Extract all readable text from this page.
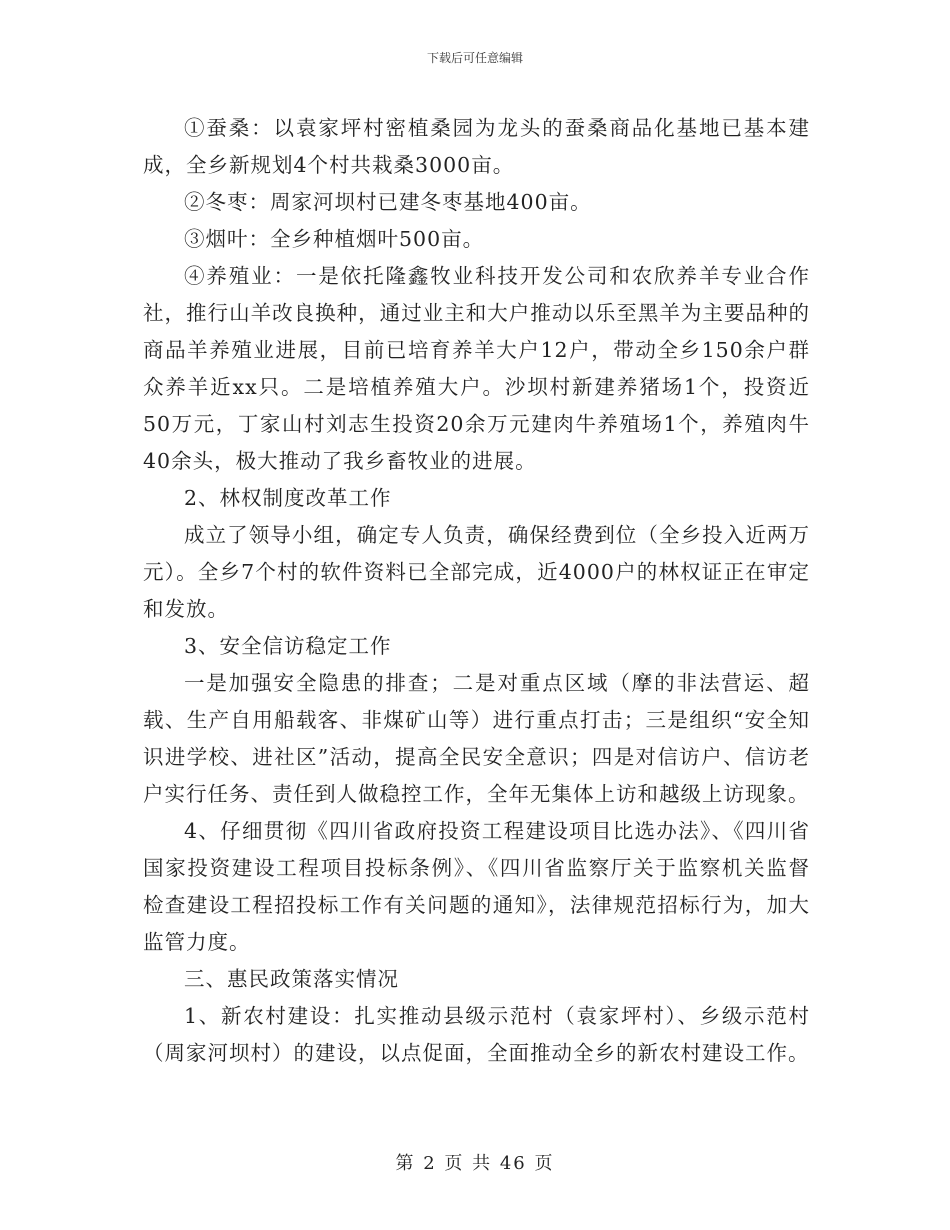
下载后可任意编辑

①蚕桑：以袁家坪村密植桑园为龙头的蚕桑商品化基地已基本建成，全乡新规划4个村共栽桑3000亩。

②冬枣：周家河坝村已建冬枣基地400亩。

③烟叶：全乡种植烟叶500亩。

④养殖业：一是依托隆鑫牧业科技开发公司和农欣养羊专业合作社，推行山羊改良换种，通过业主和大户推动以乐至黑羊为主要品种的商品羊养殖业进展，目前已培育养羊大户12户，带动全乡150余户群众养羊近xx只。二是培植养殖大户。沙坝村新建养猪场1个，投资近50万元，丁家山村刘志生投资20余万元建肉牛养殖场1个，养殖肉牛40余头，极大推动了我乡畜牧业的进展。

2、林权制度改革工作

成立了领导小组，确定专人负责，确保经费到位（全乡投入近两万元）。全乡7个村的软件资料已全部完成，近4000户的林权证正在审定和发放。

3、安全信访稳定工作

一是加强安全隐患的排查；二是对重点区域（摩的非法营运、超载、生产自用船载客、非煤矿山等）进行重点打击；三是组织“安全知识进学校、进社区”活动，提高全民安全意识；四是对信访户、信访老户实行任务、责任到人做稳控工作，全年无集体上访和越级上访现象。

4、仔细贯彻《四川省政府投资工程建设项目比选办法》、《四川省国家投资建设工程项目投标条例》、《四川省监察厅关于监察机关监督检查建设工程招投标工作有关问题的通知》，法律规范招标行为，加大监管力度。

三、惠民政策落实情况

1、新农村建设：扎实推动县级示范村（袁家坪村）、乡级示范村（周家河坝村）的建设，以点促面，全面推动全乡的新农村建设工作。

第 2 页 共 46 页
